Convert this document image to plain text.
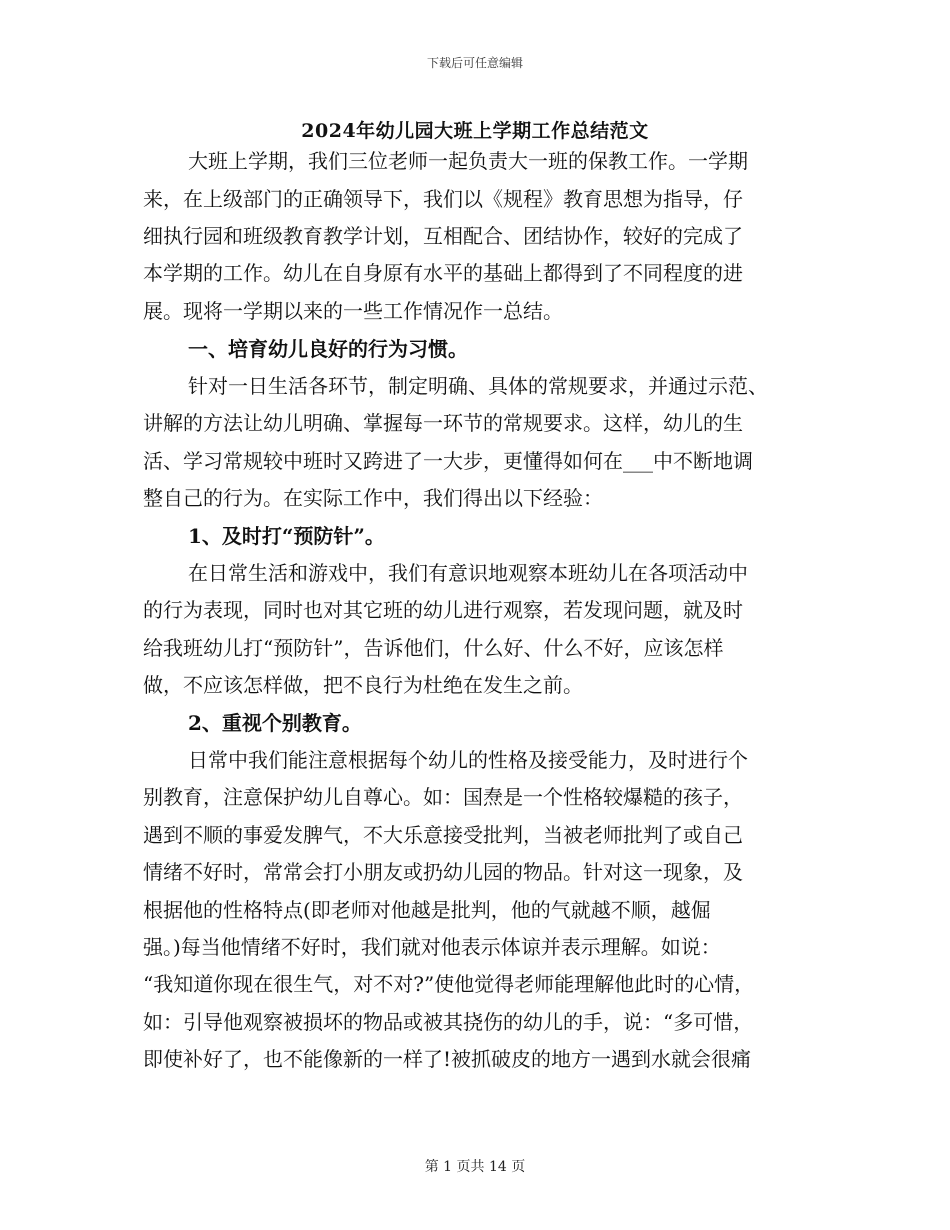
下载后可任意编辑
2024年幼儿园大班上学期工作总结范文
大班上学期，我们三位老师一起负责大一班的保教工作。一学期
来，在上级部门的正确领导下，我们以《规程》教育思想为指导，仔
细执行园和班级教育教学计划，互相配合、团结协作，较好的完成了
本学期的工作。幼儿在自身原有水平的基础上都得到了不同程度的进
展。现将一学期以来的一些工作情况作一总结。
一、培育幼儿良好的行为习惯。
针对一日生活各环节，制定明确、具体的常规要求，并通过示范、
讲解的方法让幼儿明确、掌握每一环节的常规要求。这样，幼儿的生
活、学习常规较中班时又跨进了一大步，更懂得如何在___中不断地调
整自己的行为。在实际工作中，我们得出以下经验：
1、及时打“预防针”。
在日常生活和游戏中，我们有意识地观察本班幼儿在各项活动中
的行为表现，同时也对其它班的幼儿进行观察，若发现问题，就及时
给我班幼儿打“预防针”，告诉他们，什么好、什么不好，应该怎样
做，不应该怎样做，把不良行为杜绝在发生之前。
2、重视个别教育。
日常中我们能注意根据每个幼儿的性格及接受能力，及时进行个
别教育，注意保护幼儿自尊心。如：国焘是一个性格较爆糙的孩子，
遇到不顺的事爱发脾气，不大乐意接受批判，当被老师批判了或自己
情绪不好时，常常会打小朋友或扔幼儿园的物品。针对这一现象，及
根据他的性格特点(即老师对他越是批判，他的气就越不顺，越倔
强。)每当他情绪不好时，我们就对他表示体谅并表示理解。如说：
“我知道你现在很生气，对不对?”使他觉得老师能理解他此时的心情，
如：引导他观察被损坏的物品或被其挠伤的幼儿的手，说：“多可惜，
即使补好了，也不能像新的一样了!被抓破皮的地方一遇到水就会很痛
第 1 页共 14 页
